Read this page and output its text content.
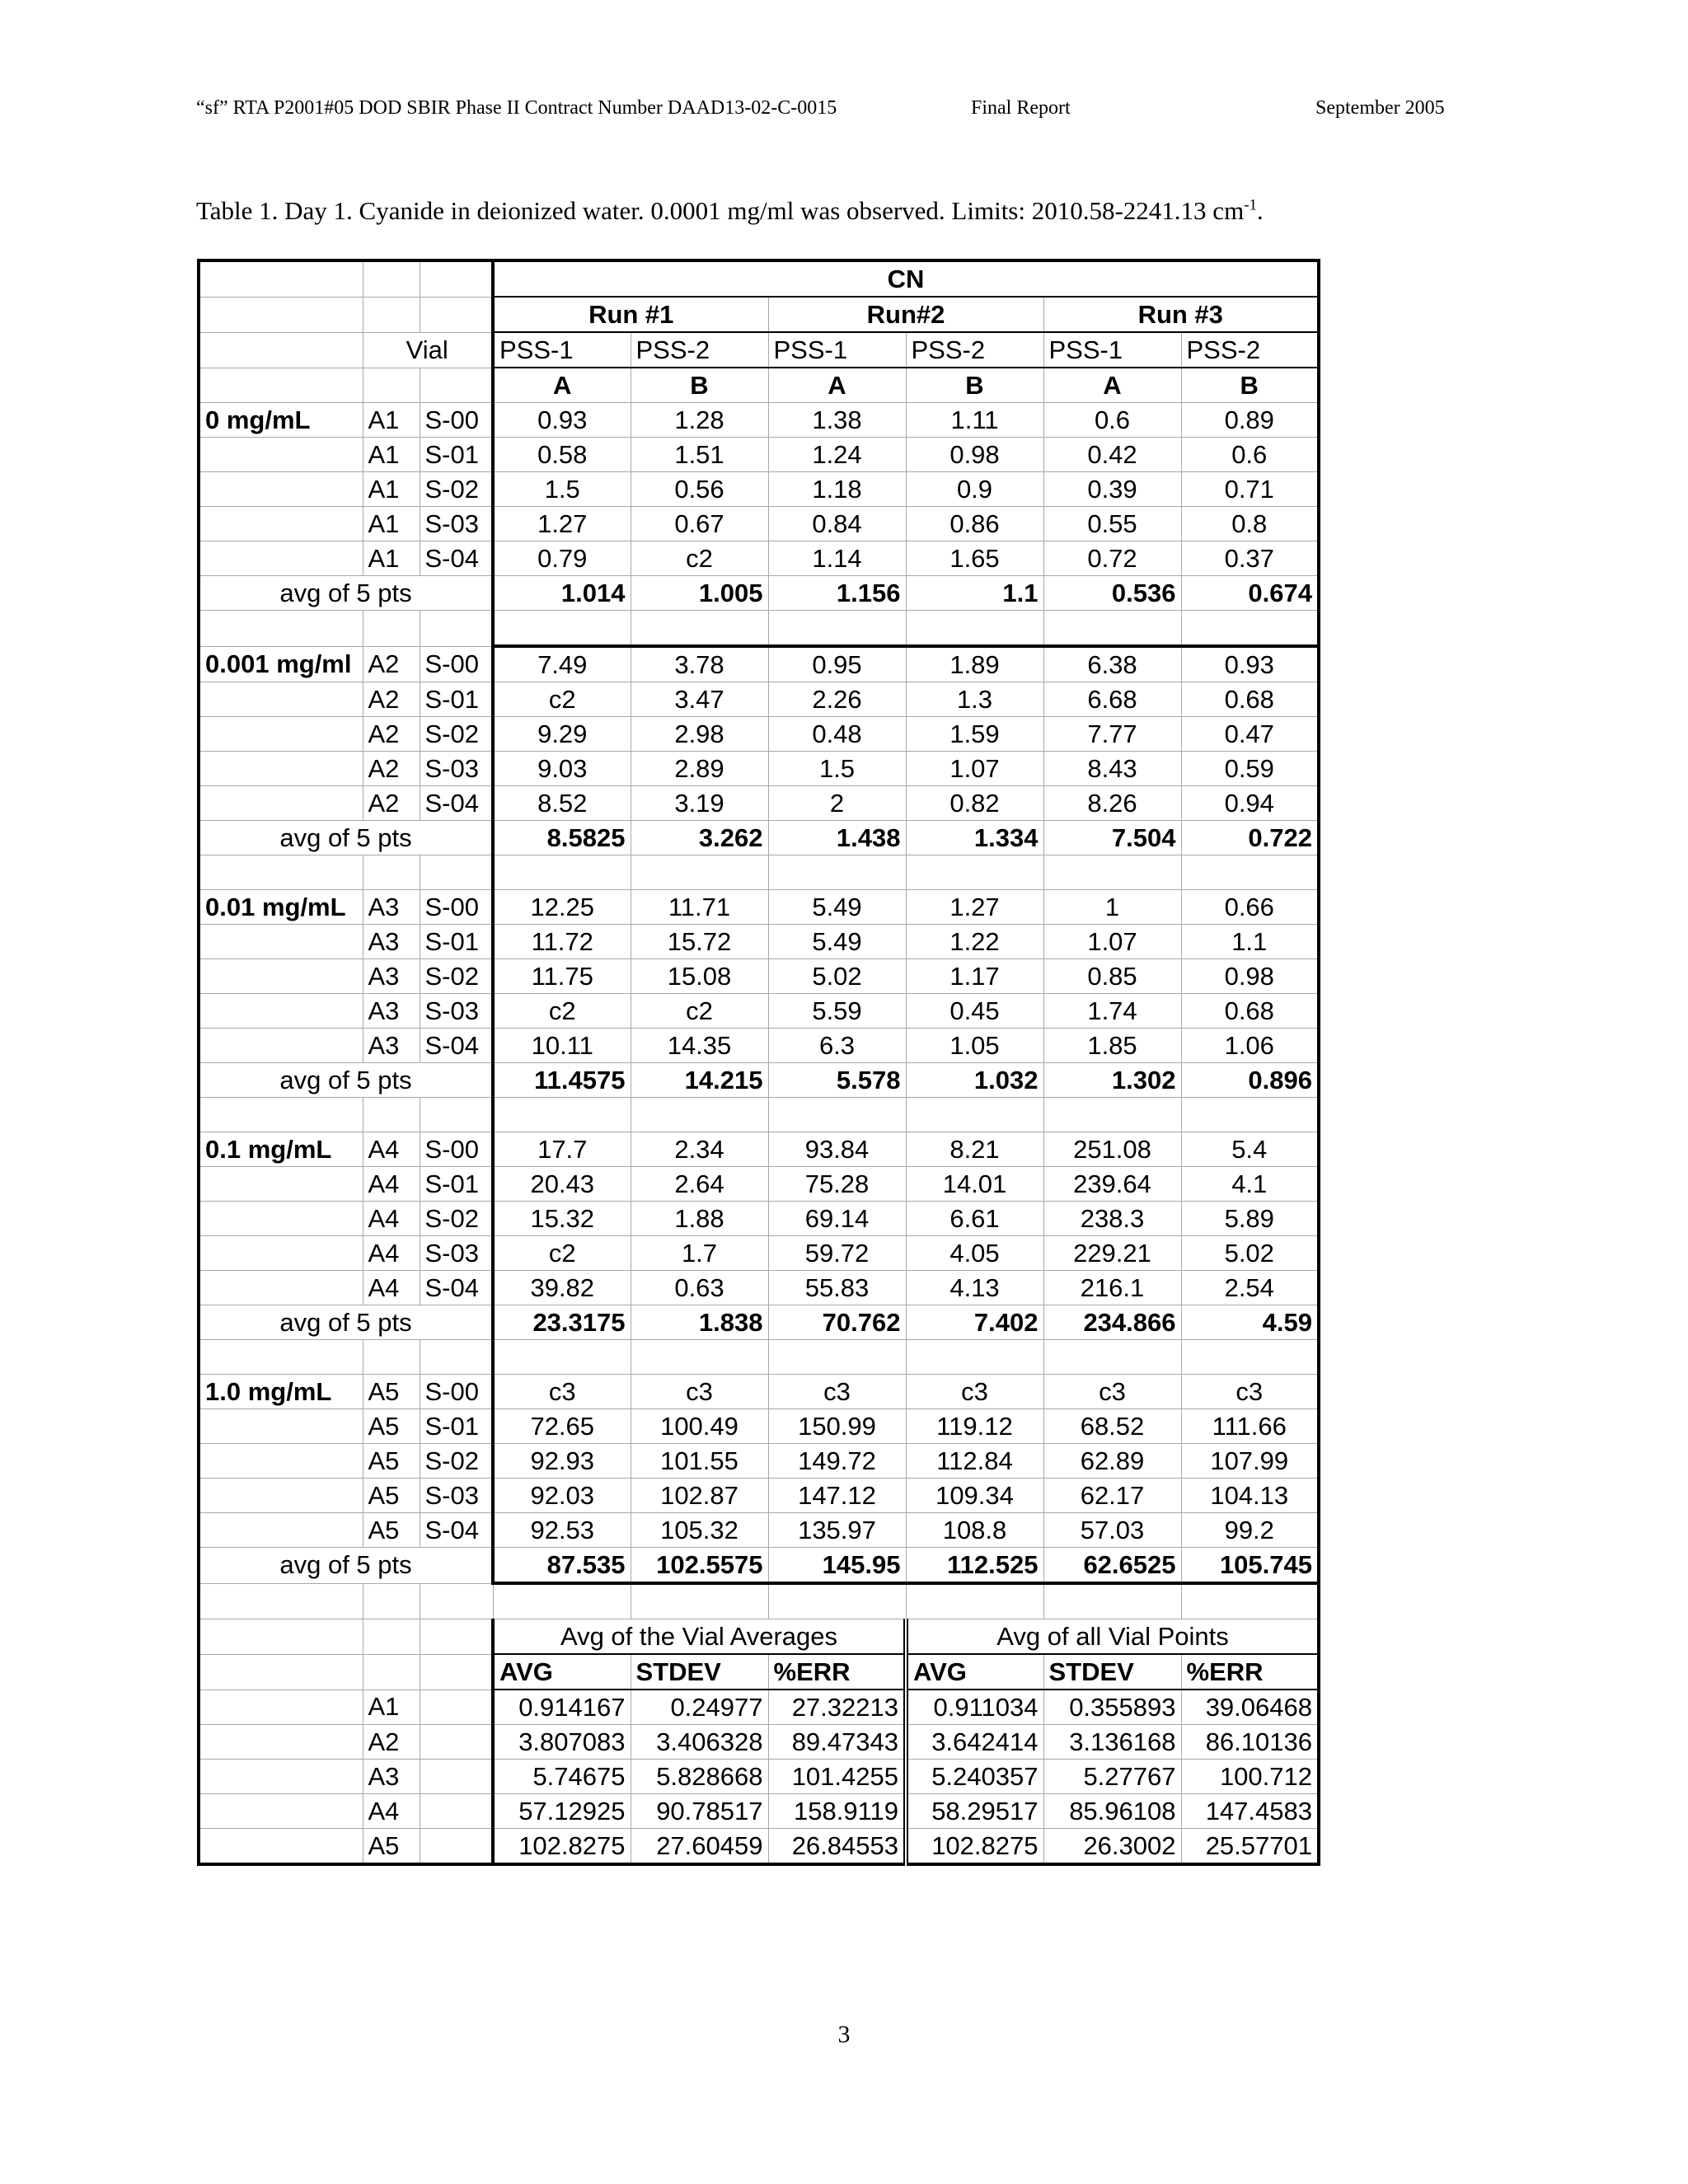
“sf” RTA P2001#05 DOD SBIR Phase II Contract Number DAAD13-02-C-0015	Final Report	September 2005
Table 1. Day 1. Cyanide in deionized water. 0.0001 mg/ml was observed. Limits: 2010.58-2241.13 $cm^{-1}$.
			CN					
			Run #1		Run#2		Run #3	
	Vial		PSS-1	PSS-2	PSS-1	PSS-2	PSS-1	PSS-2
			A	B	A	B	A	B
0 mg/mL	A1	S-00	0.93	1.28	1.38	1.11	0.6	0.89
	A1	S-01	0.58	1.51	1.24	0.98	0.42	0.6
	A1	S-02	1.5	0.56	1.18	0.9	0.39	0.71
	A1	S-03	1.27	0.67	0.84	0.86	0.55	0.8
	A1	S-04	0.79	c2	1.14	1.65	0.72	0.37
avg of 5 pts			1.014	1.005	1.156	1.1	0.536	0.674

0.001 mg/ml	A2	S-00	7.49	3.78	0.95	1.89	6.38	0.93
	A2	S-01	c2	3.47	2.26	1.3	6.68	0.68
	A2	S-02	9.29	2.98	0.48	1.59	7.77	0.47
	A2	S-03	9.03	2.89	1.5	1.07	8.43	0.59
	A2	S-04	8.52	3.19	2	0.82	8.26	0.94
avg of 5 pts			8.5825	3.262	1.438	1.334	7.504	0.722

0.01 mg/mL	A3	S-00	12.25	11.71	5.49	1.27	1	0.66
	A3	S-01	11.72	15.72	5.49	1.22	1.07	1.1
	A3	S-02	11.75	15.08	5.02	1.17	0.85	0.98
	A3	S-03	c2	c2	5.59	0.45	1.74	0.68
	A3	S-04	10.11	14.35	6.3	1.05	1.85	1.06
avg of 5 pts			11.4575	14.215	5.578	1.032	1.302	0.896

0.1 mg/mL	A4	S-00	17.7	2.34	93.84	8.21	251.08	5.4
	A4	S-01	20.43	2.64	75.28	14.01	239.64	4.1
	A4	S-02	15.32	1.88	69.14	6.61	238.3	5.89
	A4	S-03	c2	1.7	59.72	4.05	229.21	5.02
	A4	S-04	39.82	0.63	55.83	4.13	216.1	2.54
avg of 5 pts			23.3175	1.838	70.762	7.402	234.866	4.59

1.0 mg/mL	A5	S-00	c3	c3	c3	c3	c3	c3
	A5	S-01	72.65	100.49	150.99	119.12	68.52	111.66
	A5	S-02	92.93	101.55	149.72	112.84	62.89	107.99
	A5	S-03	92.03	102.87	147.12	109.34	62.17	104.13
	A5	S-04	92.53	105.32	135.97	108.8	57.03	99.2
avg of 5 pts			87.535	102.5575	145.95	112.525	62.6525	105.745

			Avg of the Vial Averages			Avg of all Vial Points		
			AVG	STDEV	%ERR	AVG	STDEV	%ERR
	A1		0.914167	0.24977	27.32213	0.911034	0.355893	39.06468
	A2		3.807083	3.406328	89.47343	3.642414	3.136168	86.10136
	A3		5.74675	5.828668	101.4255	5.240357	5.27767	100.712
	A4		57.12925	90.78517	158.9119	58.29517	85.96108	147.4583
	A5		102.8275	27.60459	26.84553	102.8275	26.3002	25.57701
3
